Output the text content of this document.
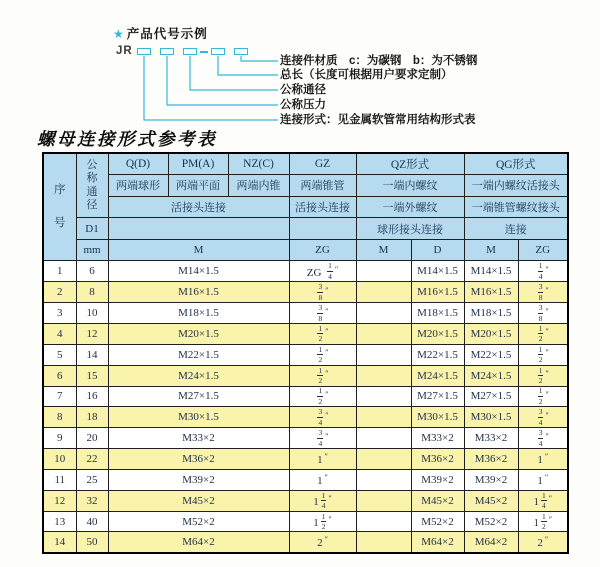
★ 产品代号示例
JR
连接件材质　c：为碳钢　b：为不锈钢
总长（长度可根据用户要求定制）
公称通径
公称压力
连接形式：见金属软管常用结构形式表
螺母连接形式参考表
序号	公称通径	Q(D)	PM(A)	NZ(C)	GZ	QZ形式		QG形式	
		两端球形	两端平面	两端内锥	两端锥管	一端内螺纹		一端内螺纹活接头	
		活接头连接			活接头连接	一端外螺纹		一端锥管螺纹接头	
	D1					球形接头连接		连接	
	mm	M			ZG	M	D	M	ZG
1	6	M14×1.5			ZG $\frac{1}{4} ''$		M14×1.5	M14×1.5	$\frac{1}{4} ''$
2	8	M16×1.5			$\frac{3}{8} ''$		M16×1.5	M16×1.5	$\frac{3}{8} ''$
3	10	M18×1.5			$\frac{3}{8} ''$		M18×1.5	M18×1.5	$\frac{3}{8} ''$
4	12	M20×1.5			$\frac{1}{2} ''$		M20×1.5	M20×1.5	$\frac{1}{2} ''$
5	14	M22×1.5			$\frac{1}{2} ''$		M22×1.5	M22×1.5	$\frac{1}{2} ''$
6	15	M24×1.5			$\frac{1}{2} ''$		M24×1.5	M24×1.5	$\frac{1}{2} ''$
7	16	M27×1.5			$\frac{1}{2} ''$		M27×1.5	M27×1.5	$\frac{1}{2} ''$
8	18	M30×1.5			$\frac{3}{4} ''$		M30×1.5	M30×1.5	$\frac{3}{4} ''$
9	20	M33×2			$\frac{3}{4} ''$		M33×2	M33×2	$\frac{3}{4} ''$
10	22	M36×2			1 ″		M36×2	M36×2	1 ″
11	25	M39×2			1 ″		M39×2	M39×2	1 ″
12	32	M45×2			$1 \frac{1}{4} ''$		M45×2	M45×2	$1 \frac{1}{4} ''$
13	40	M52×2			$1 \frac{1}{2} ''$		M52×2	M52×2	$1 \frac{1}{2} ''$
14	50	M64×2			2 ″		M64×2	M64×2	2 ″
